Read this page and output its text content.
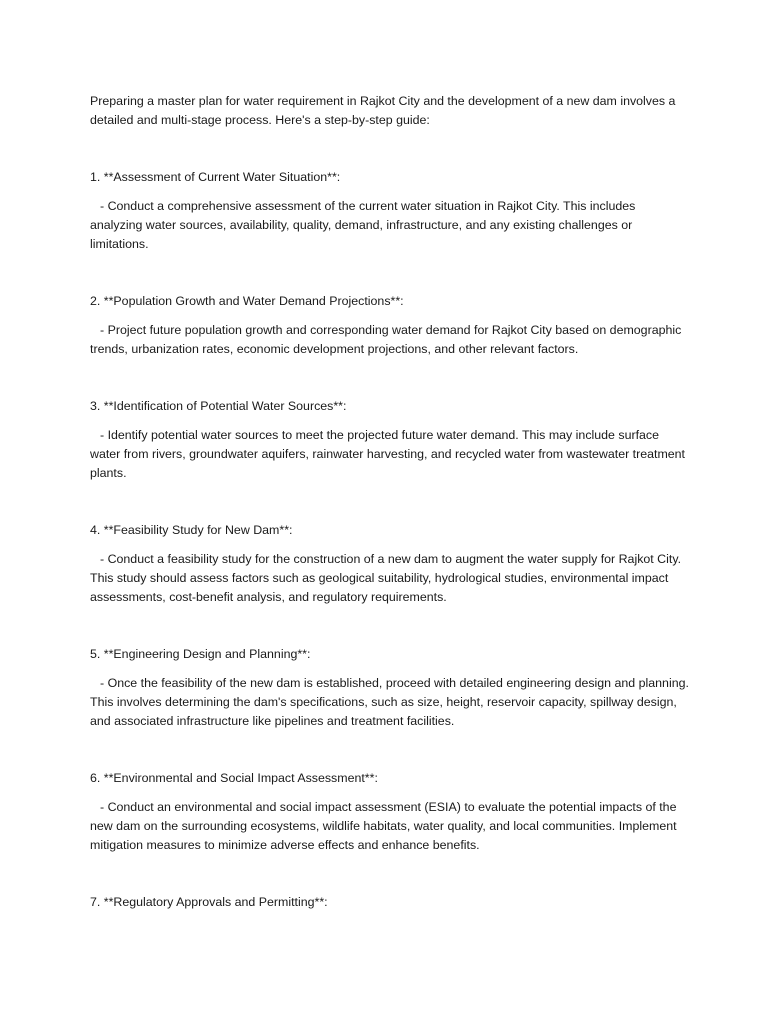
Preparing a master plan for water requirement in Rajkot City and the development of a new dam involves a detailed and multi-stage process. Here's a step-by-step guide:

1. **Assessment of Current Water Situation**:

- Conduct a comprehensive assessment of the current water situation in Rajkot City. This includes analyzing water sources, availability, quality, demand, infrastructure, and any existing challenges or limitations.

2. **Population Growth and Water Demand Projections**:

- Project future population growth and corresponding water demand for Rajkot City based on demographic trends, urbanization rates, economic development projections, and other relevant factors.

3. **Identification of Potential Water Sources**:

- Identify potential water sources to meet the projected future water demand. This may include surface water from rivers, groundwater aquifers, rainwater harvesting, and recycled water from wastewater treatment plants.

4. **Feasibility Study for New Dam**:

- Conduct a feasibility study for the construction of a new dam to augment the water supply for Rajkot City. This study should assess factors such as geological suitability, hydrological studies, environmental impact assessments, cost-benefit analysis, and regulatory requirements.

5. **Engineering Design and Planning**:

- Once the feasibility of the new dam is established, proceed with detailed engineering design and planning. This involves determining the dam's specifications, such as size, height, reservoir capacity, spillway design, and associated infrastructure like pipelines and treatment facilities.

6. **Environmental and Social Impact Assessment**:

- Conduct an environmental and social impact assessment (ESIA) to evaluate the potential impacts of the new dam on the surrounding ecosystems, wildlife habitats, water quality, and local communities. Implement mitigation measures to minimize adverse effects and enhance benefits.

7. **Regulatory Approvals and Permitting**:
